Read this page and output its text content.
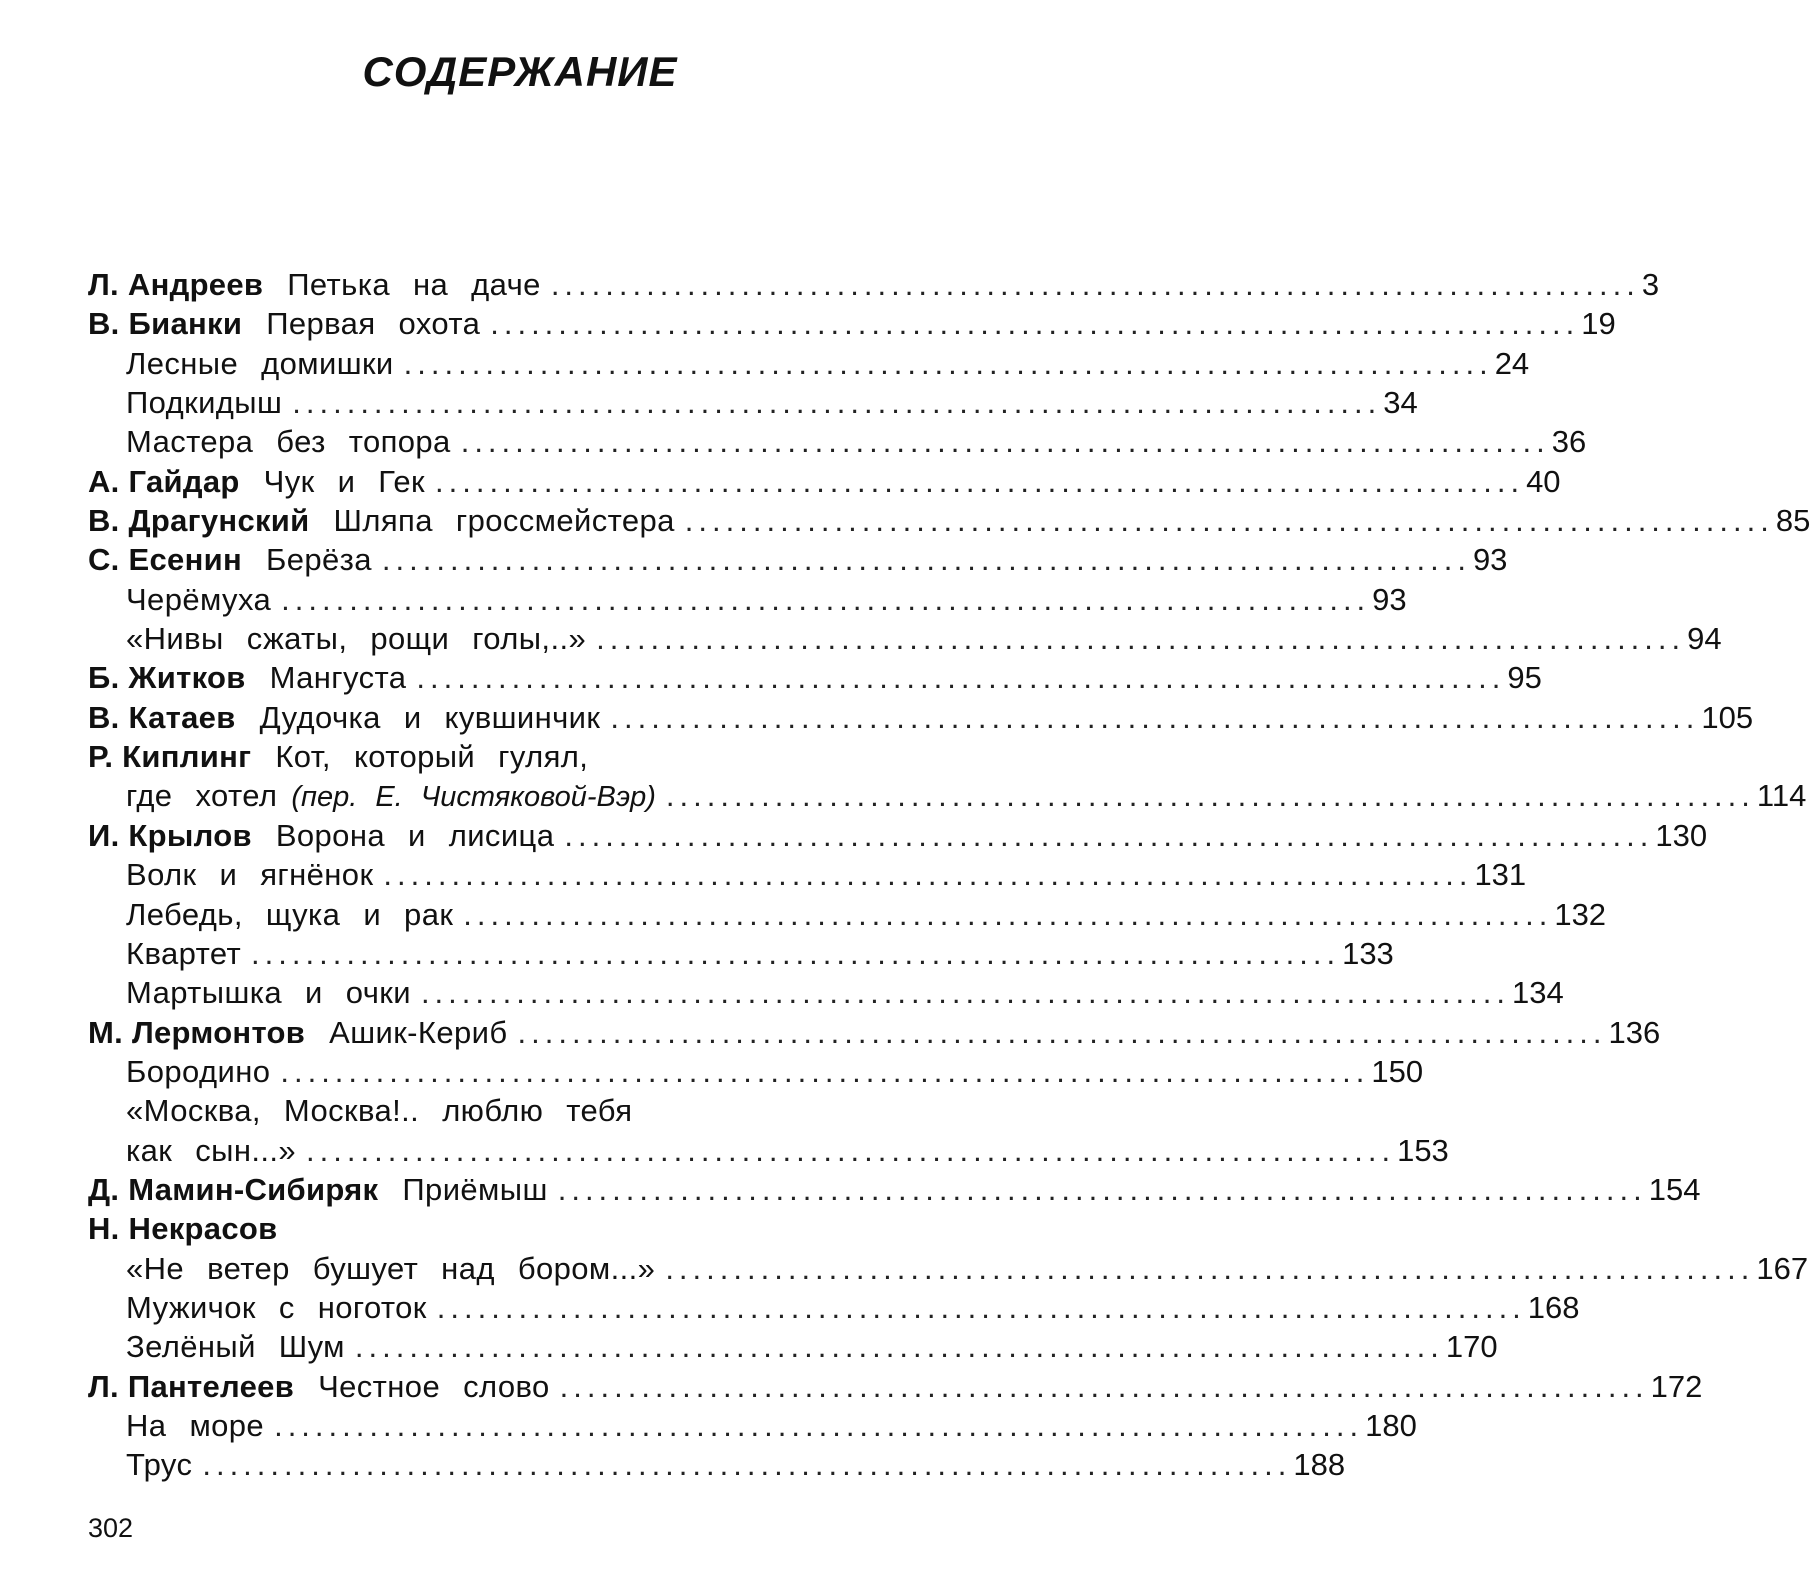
СОДЕРЖАНИЕ
Л. Андреев Петька на даче ................................................................................ 3
В. Бианки Первая охота ................................................................................ 19
Лесные домишки ................................................................................ 24
Подкидыш ................................................................................ 34
Мастера без топора ................................................................................ 36
А. Гайдар Чук и Гек ................................................................................ 40
В. Драгунский Шляпа гроссмейстера ................................................................................ 85
С. Есенин Берёза ................................................................................ 93
Черёмуха ................................................................................ 93
«Нивы сжаты, рощи голы,..» ................................................................................ 94
Б. Житков Мангуста ................................................................................ 95
В. Катаев Дудочка и кувшинчик ................................................................................ 105
Р. Киплинг Кот, который гулял,
где хотел (пер. Е. Чистяковой-Вэр) ................................................................................ 114
И. Крылов Ворона и лисица ................................................................................ 130
Волк и ягнёнок ................................................................................ 131
Лебедь, щука и рак ................................................................................ 132
Квартет ................................................................................ 133
Мартышка и очки ................................................................................ 134
М. Лермонтов Ашик-Кериб ................................................................................ 136
Бородино ................................................................................ 150
«Москва, Москва!.. люблю тебя
как сын...» ................................................................................ 153
Д. Мамин-Сибиряк Приёмыш ................................................................................ 154
Н. Некрасов
«Не ветер бушует над бором...» ................................................................................ 167
Мужичок с ноготок ................................................................................ 168
Зелёный Шум ................................................................................ 170
Л. Пантелеев Честное слово ................................................................................ 172
На море ................................................................................ 180
Трус ................................................................................ 188

302
